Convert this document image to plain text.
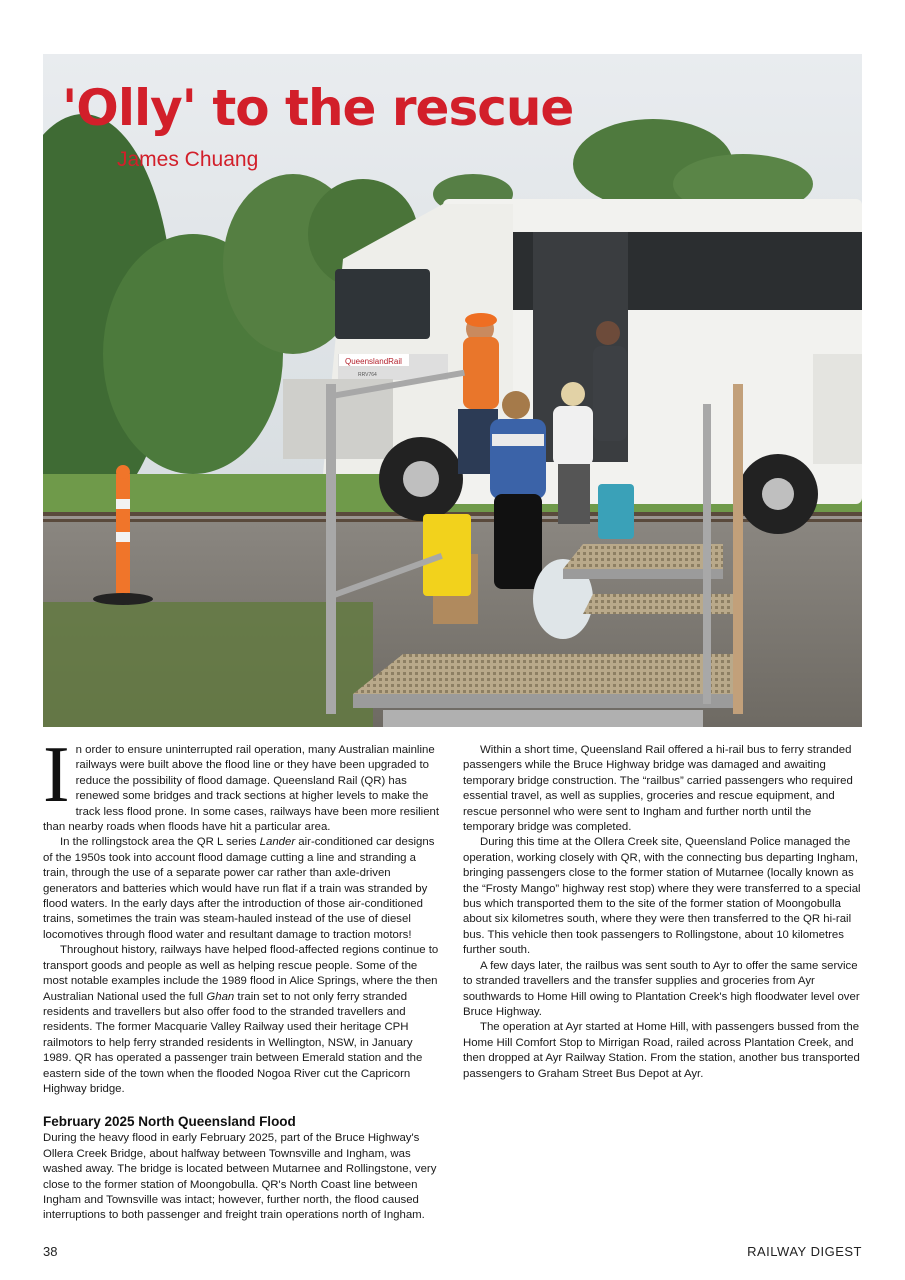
QueenslandRail
RRV764
'Olly' to the rescue
James Chuang

In order to ensure uninterrupted rail operation, many Australian mainline railways were built above the flood line or they have been upgraded to reduce the possibility of flood damage. Queensland Rail (QR) has renewed some bridges and track sections at higher levels to make the track less flood prone. In some cases, railways have been more resilient than nearby roads when floods have hit a particular area.

In the rollingstock area the QR L series Lander air-conditioned car designs of the 1950s took into account flood damage cutting a line and stranding a train, through the use of a separate power car rather than axle-driven generators and batteries which would have run flat if a train was stranded by flood waters. In the early days after the introduction of those air-conditioned trains, sometimes the train was steam-hauled instead of the use of diesel locomotives through flood water and resultant damage to traction motors!

Throughout history, railways have helped flood-affected regions continue to transport goods and people as well as helping rescue people. Some of the most notable examples include the 1989 flood in Alice Springs, where the then Australian National used the full Ghan train set to not only ferry stranded residents and travellers but also offer food to the stranded travellers and residents. The former Macquarie Valley Railway used their heritage CPH railmotors to help ferry stranded residents in Wellington, NSW, in January 1989. QR has operated a passenger train between Emerald station and the eastern side of the town when the flooded Nogoa River cut the Capricorn Highway bridge.

February 2025 North Queensland Flood

During the heavy flood in early February 2025, part of the Bruce Highway's Ollera Creek Bridge, about halfway between Townsville and Ingham, was washed away. The bridge is located between Mutarnee and Rollingstone, very close to the former station of Moongobulla. QR's North Coast line between Ingham and Townsville was intact; however, further north, the flood caused interruptions to both passenger and freight train operations north of Ingham.

Within a short time, Queensland Rail offered a hi-rail bus to ferry stranded passengers while the Bruce Highway bridge was damaged and awaiting temporary bridge construction. The “railbus” carried passengers who required essential travel, as well as supplies, groceries and rescue equipment, and rescue personnel who were sent to Ingham and further north until the temporary bridge was completed.

During this time at the Ollera Creek site, Queensland Police managed the operation, working closely with QR, with the connecting bus departing Ingham, bringing passengers close to the former station of Mutarnee (locally known as the “Frosty Mango” highway rest stop) where they were transferred to a special bus which transported them to the site of the former station of Moongobulla about six kilometres south, where they were then transferred to the QR hi-rail bus. This vehicle then took passengers to Rollingstone, about 10 kilometres further south.

A few days later, the railbus was sent south to Ayr to offer the same service to stranded travellers and the transfer supplies and groceries from Ayr southwards to Home Hill owing to Plantation Creek's high floodwater level over Bruce Highway.

The operation at Ayr started at Home Hill, with passengers bussed from the Home Hill Comfort Stop to Mirrigan Road, railed across Plantation Creek, and then dropped at Ayr Railway Station. From the station, another bus transported passengers to Graham Street Bus Depot at Ayr.

38	RAILWAY DIGEST
